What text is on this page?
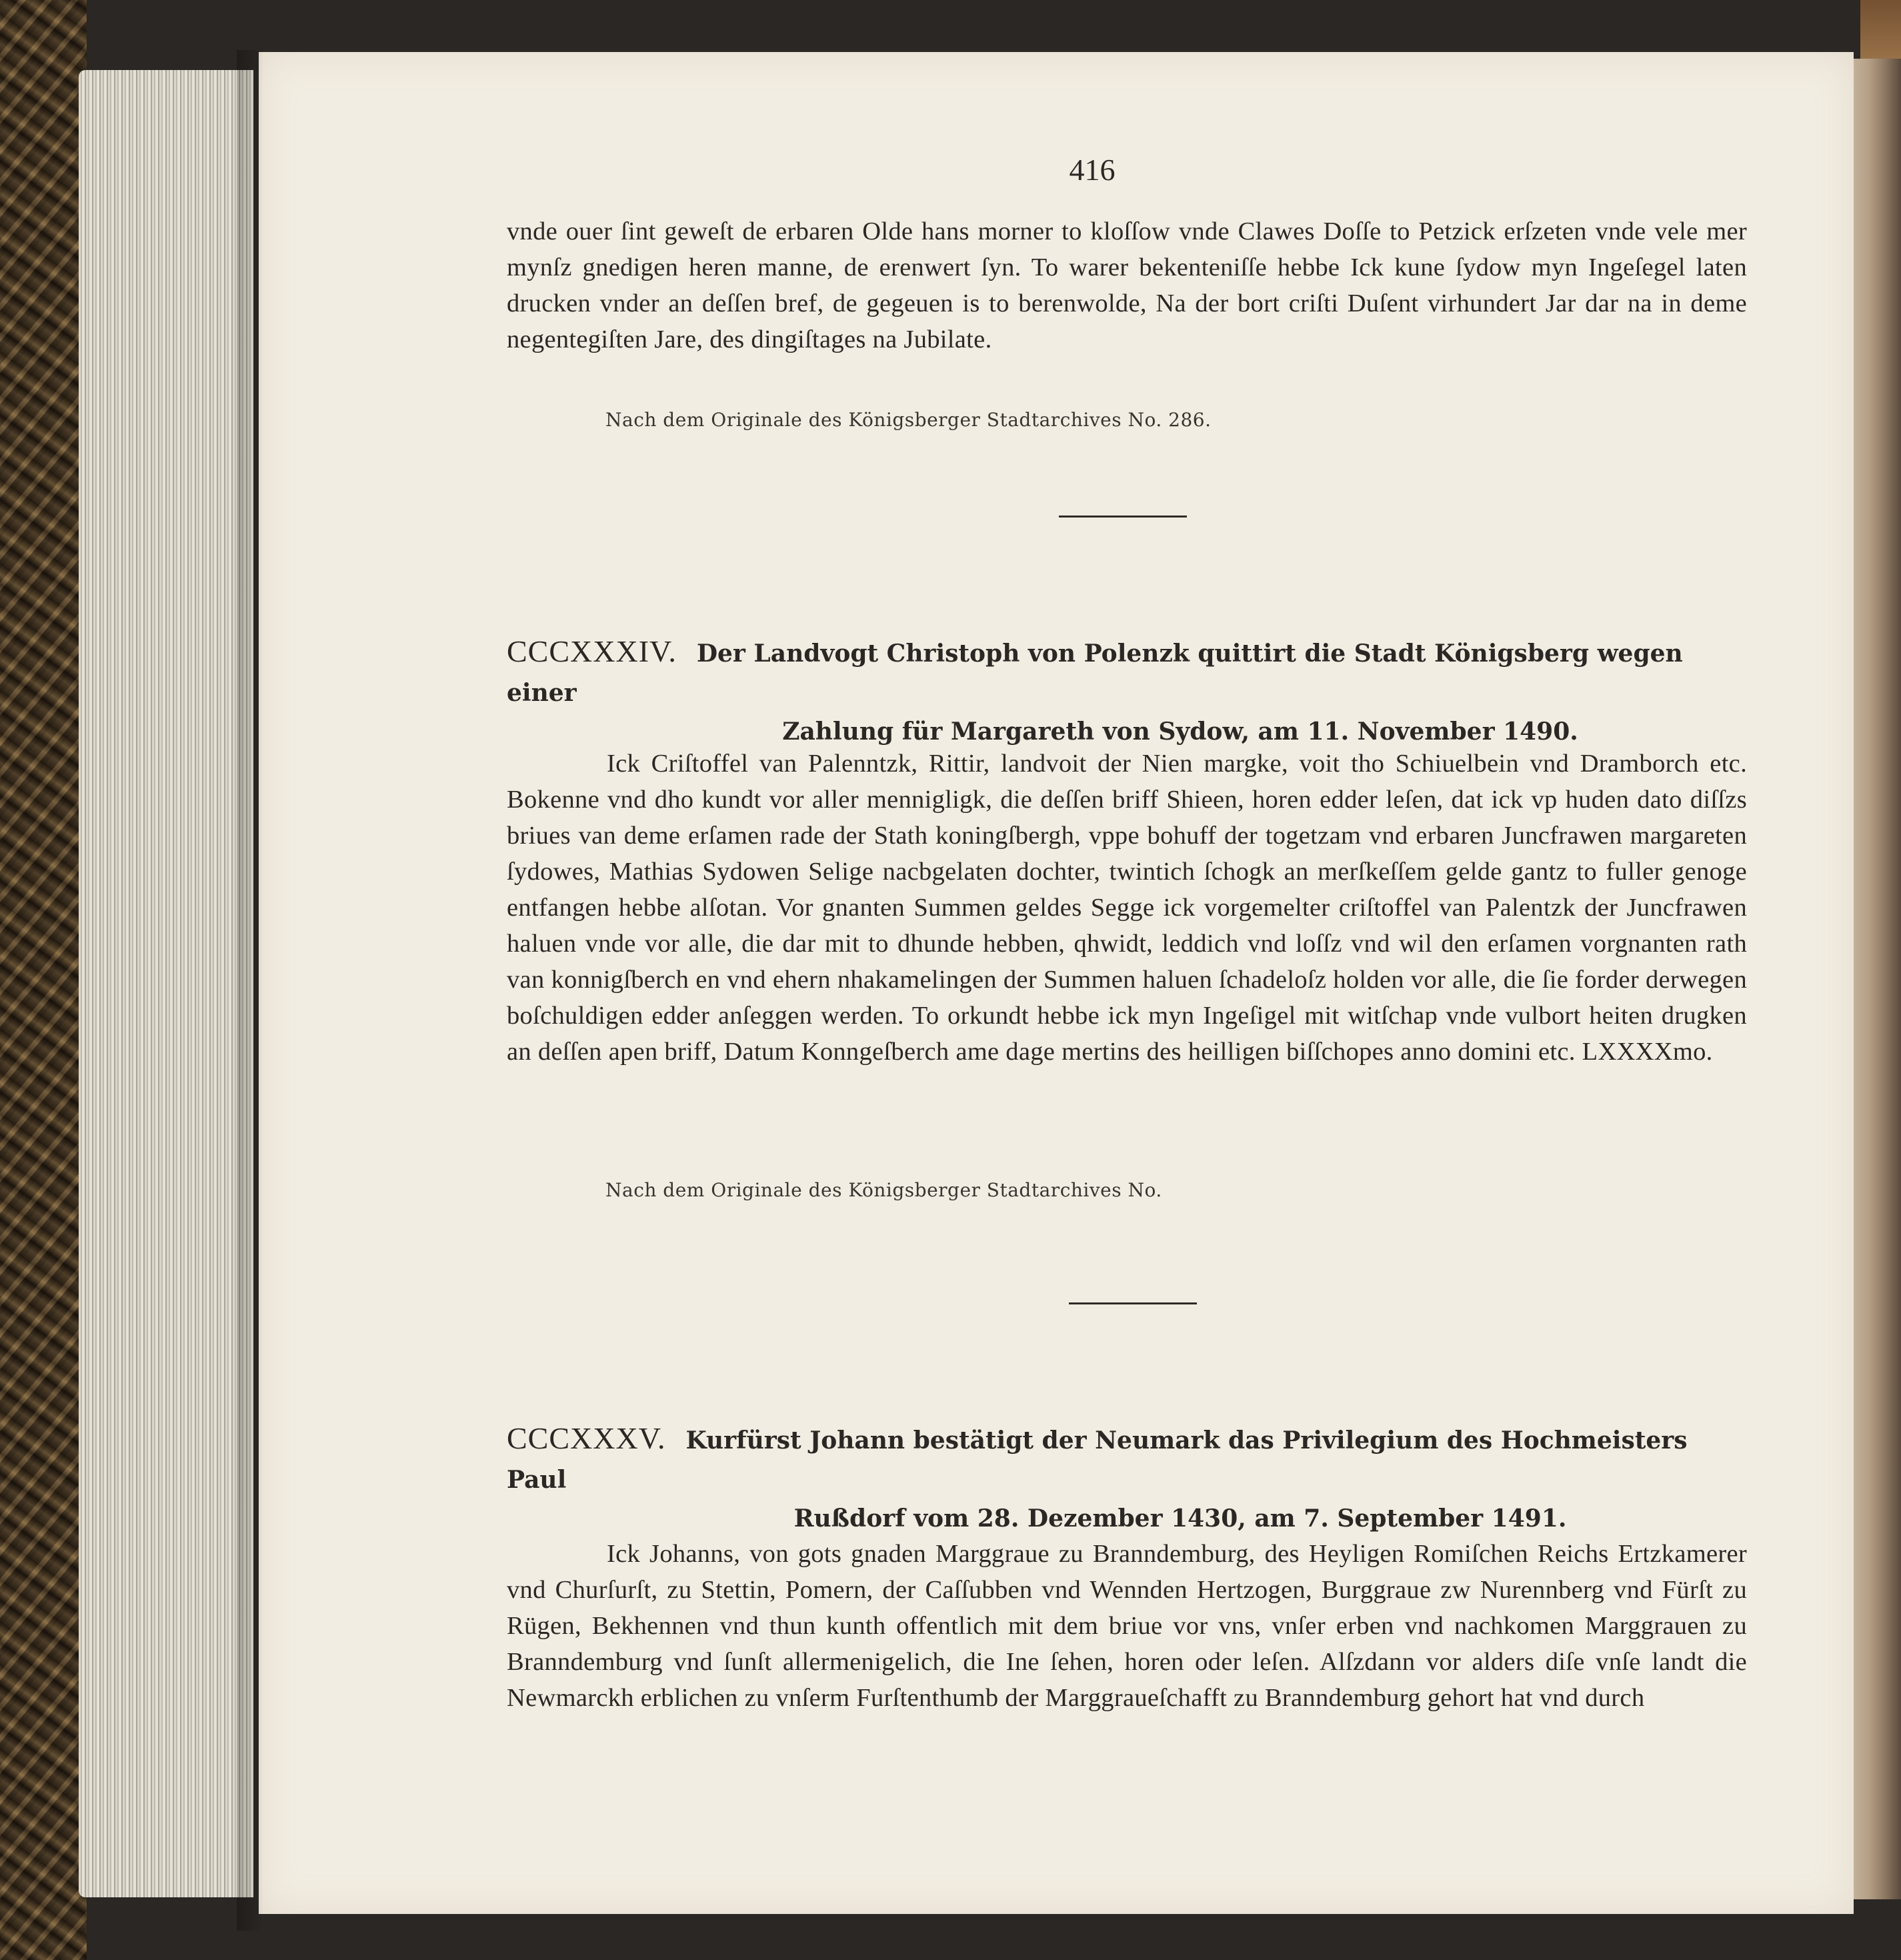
416
vnde ouer ſint geweſt de erbaren Olde hans morner to kloſſow vnde Clawes Doſſe to Petzick erſzeten vnde vele mer mynſz gnedigen heren manne, de erenwert ſyn. To warer bekenteniſſe hebbe Ick kune ſydow myn Ingeſegel laten drucken vnder an deſſen bref, de gegeuen is to berenwolde, Na der bort criſti Duſent virhundert Jar dar na in deme negentegiſten Jare, des dingiſtages na Jubilate.
Nach dem Originale des Königsberger Stadtarchives No. 286.
CCCXXXIV. Der Landvogt Christoph von Polenzk quittirt die Stadt Königsberg wegen einer
Zahlung für Margareth von Sydow, am 11. November 1490.
Ick Criſtoffel van Palenntzk, Rittir, landvoit der Nien margke, voit tho Schiuelbein vnd Dramborch etc. Bokenne vnd dho kundt vor aller mennigligk, die deſſen briff Shieen, horen edder leſen, dat ick vp huden dato diſſzs briues van deme erſamen rade der Stath koningſbergh, vppe bohuff der togetzam vnd erbaren Juncfrawen margareten ſydowes, Mathias Sydowen Selige nacbgelaten dochter, twintich ſchogk an merſkeſſem gelde gantz to fuller genoge entfangen hebbe alſotan. Vor gnanten Summen geldes Segge ick vorgemelter criſtoffel van Palentzk der Juncfrawen haluen vnde vor alle, die dar mit to dhunde hebben, qhwidt, leddich vnd loſſz vnd wil den erſamen vorgnanten rath van konnigſberch en vnd ehern nhakamelingen der Summen haluen ſchadeloſz holden vor alle, die ſie forder derwegen boſchuldigen edder anſeggen werden. To orkundt hebbe ick myn Ingeſigel mit witſchap vnde vulbort heiten drugken an deſſen apen briff, Datum Konngeſberch ame dage mertins des heilligen biſſchopes anno domini etc. LXXXXmo.
Nach dem Originale des Königsberger Stadtarchives No.
CCCXXXV. Kurfürst Johann bestätigt der Neumark das Privilegium des Hochmeisters Paul
Rußdorf vom 28. Dezember 1430, am 7. September 1491.
Ick Johanns, von gots gnaden Marggraue zu Branndemburg, des Heyligen Romiſchen Reichs Ertzkamerer vnd Churſurſt, zu Stettin, Pomern, der Caſſubben vnd Wennden Hertzogen, Burggraue zw Nurennberg vnd Fürſt zu Rügen, Bekhennen vnd thun kunth offentlich mit dem briue vor vns, vnſer erben vnd nachkomen Marggrauen zu Branndemburg vnd ſunſt allermenigelich, die Ine ſehen, horen oder leſen. Alſzdann vor alders diſe vnſe landt die Newmarckh erblichen zu vnſerm Furſtenthumb der Marggraueſchafft zu Branndemburg gehort hat vnd durch
